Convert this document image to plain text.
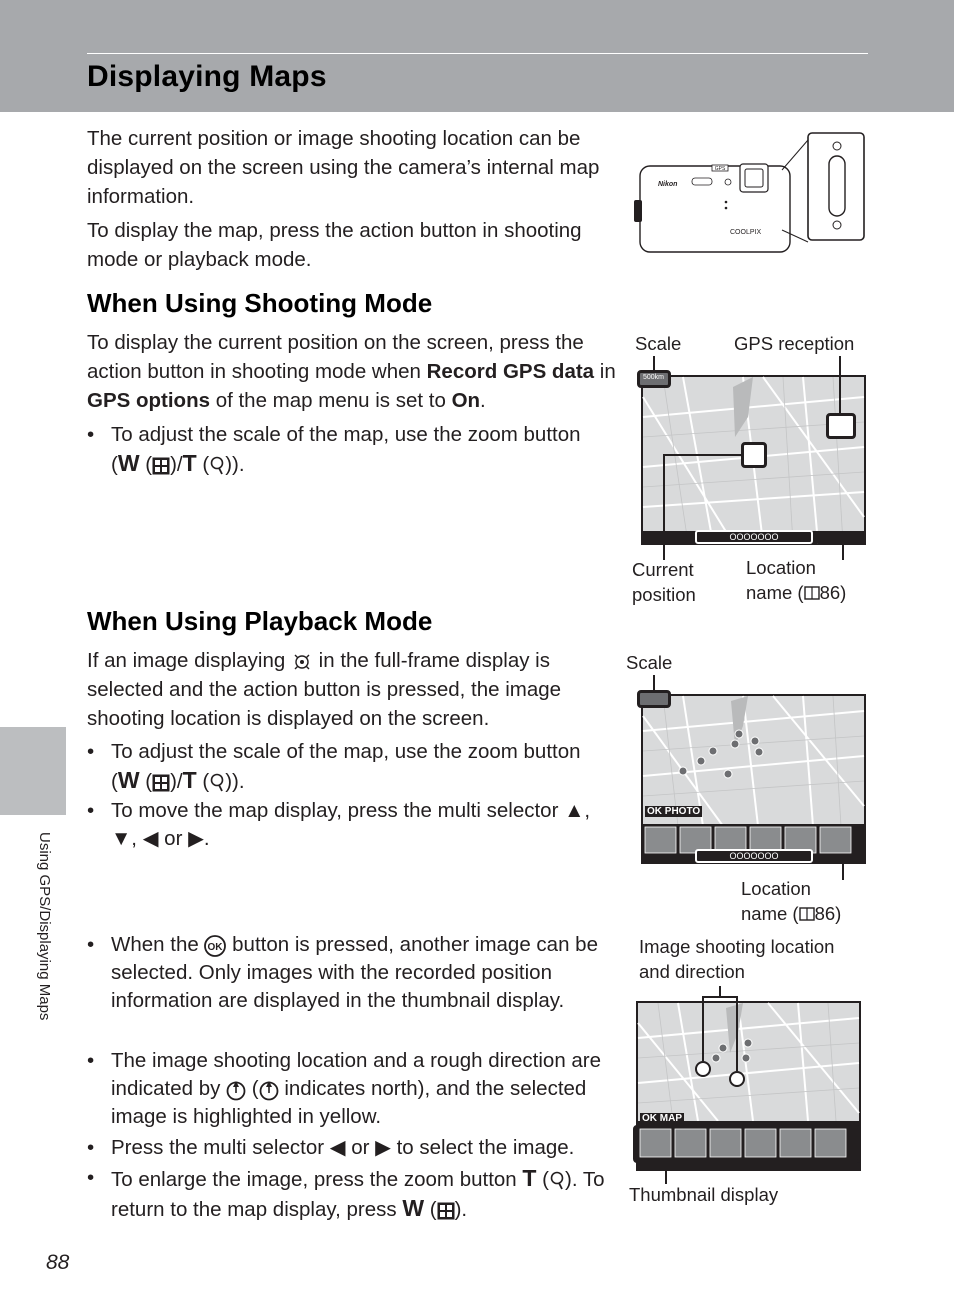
Displaying Maps
Using GPS/Displaying Maps
88

The current position or image shooting location can be displayed on the screen using the camera’s internal map information.

To display the map, press the action button in shooting mode or playback mode.

GPS
Nikon
COOLPIX
When Using Shooting Mode

To display the current position on the screen, press the action button in shooting mode when Record GPS data in GPS options of the map menu is set to On.

• To adjust the scale of the map, use the zoom button (W ( )/T ( )).
Scale	GPS reception
OOOOOOO
500km
Current
position
Location
name ( 86)
When Using Playback Mode

If an image displaying  in the full-frame display is selected and the action button is pressed, the image shooting location is displayed on the screen.

• To adjust the scale of the map, use the zoom button (W ( )/T ( )).
• To move the map display, press the multi selector ▲, ▼, ◀ or ▶.
Scale
OK PHOTO
OOOOOOO
Location
name ( 86)
• When the OK button is pressed, another image can be selected. Only images with the recorded position information are displayed in the thumbnail display.
• The image shooting location and a rough direction are indicated by  ( indicates north), and the selected image is highlighted in yellow.
• Press the multi selector ◀ or ▶ to select the image.
• To enlarge the image, press the zoom button T ( ). To return to the map display, press W ( ).
Image shooting location
and direction
OK MAP
Thumbnail display
